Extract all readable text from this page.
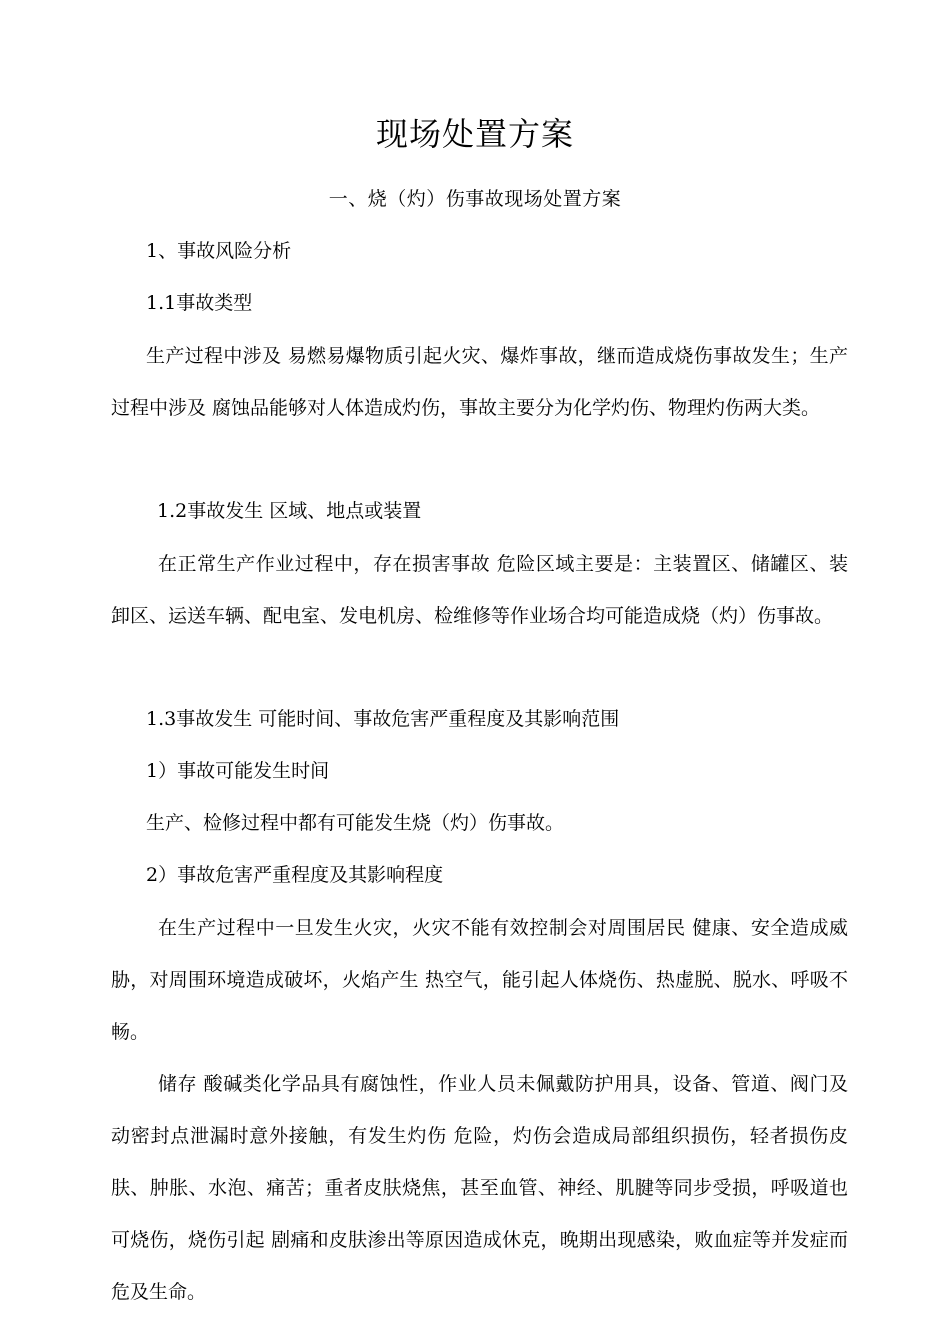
现场处置方案
一、烧（灼）伤事故现场处置方案
1、事故风险分析
1.1事故类型
生产过程中涉及 易燃易爆物质引起火灾、爆炸事故，继而造成烧伤事故发生；生产过程中涉及 腐蚀品能够对人体造成灼伤，事故主要分为化学灼伤、物理灼伤两大类。
1.2事故发生 区域、地点或装置
在正常生产作业过程中，存在损害事故 危险区域主要是：主装置区、储罐区、装卸区、运送车辆、配电室、发电机房、检维修等作业场合均可能造成烧（灼）伤事故。
1.3事故发生 可能时间、事故危害严重程度及其影响范围
1）事故可能发生时间
生产、检修过程中都有可能发生烧（灼）伤事故。
2）事故危害严重程度及其影响程度
在生产过程中一旦发生火灾，火灾不能有效控制会对周围居民 健康、安全造成威胁，对周围环境造成破坏，火焰产生 热空气，能引起人体烧伤、热虚脱、脱水、呼吸不畅。
储存 酸碱类化学品具有腐蚀性，作业人员未佩戴防护用具，设备、管道、阀门及动密封点泄漏时意外接触，有发生灼伤 危险，灼伤会造成局部组织损伤，轻者损伤皮肤、肿胀、水泡、痛苦；重者皮肤烧焦，甚至血管、神经、肌腱等同步受损，呼吸道也可烧伤，烧伤引起 剧痛和皮肤渗出等原因造成休克，晚期出现感染，败血症等并发症而危及生命。
